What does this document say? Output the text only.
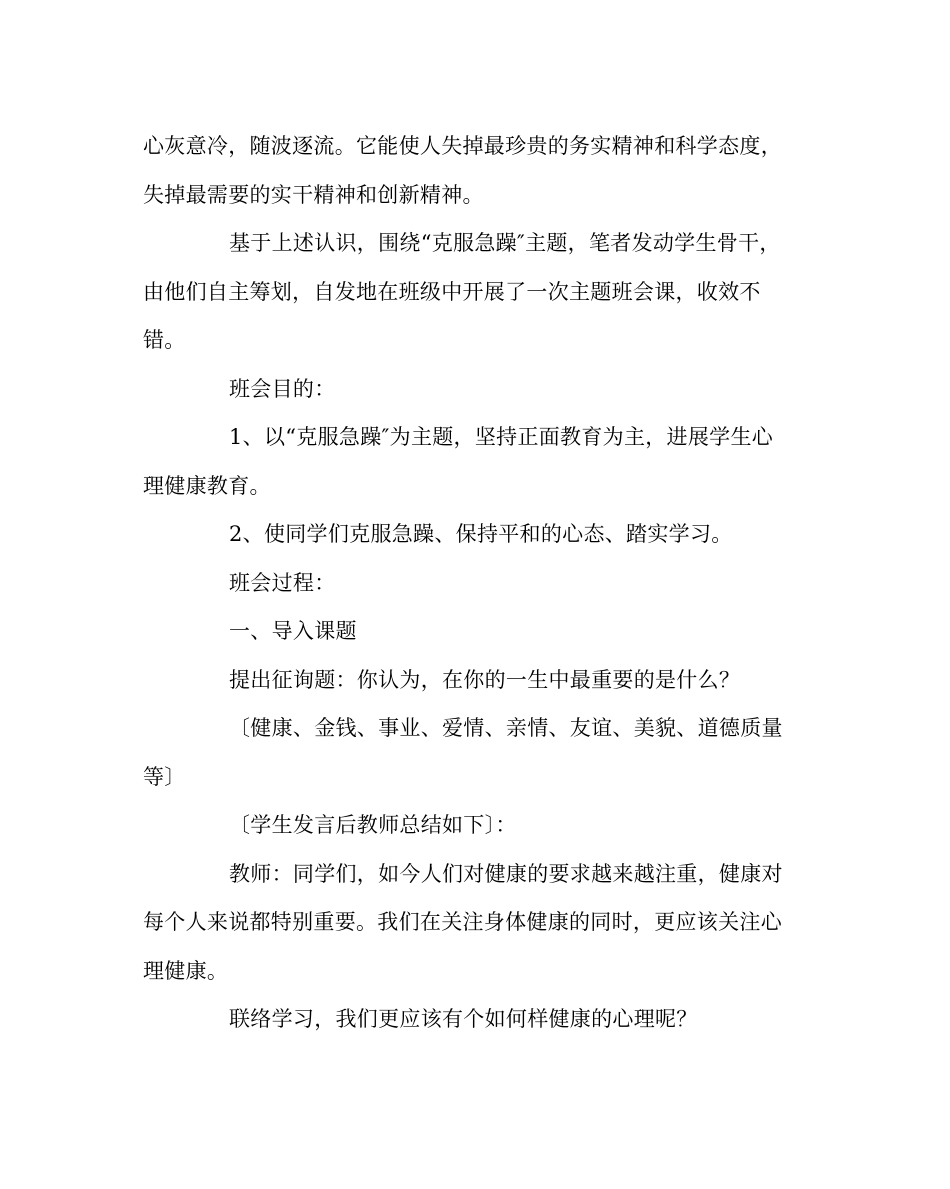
心灰意冷，随波逐流。它能使人失掉最珍贵的务实精神和科学态度，
失掉最需要的实干精神和创新精神。

基于上述认识，围绕“克服急躁″主题，笔者发动学生骨干，
由他们自主筹划，自发地在班级中开展了一次主题班会课，收效不
错。

班会目的：

1、以“克服急躁″为主题，坚持正面教育为主，进展学生心
理健康教育。

2、使同学们克服急躁、保持平和的心态、踏实学习。

班会过程：

一、导入课题

提出征询题：你认为，在你的一生中最重要的是什么？

〔健康、金钱、事业、爱情、亲情、友谊、美貌、道德质量
等〕

〔学生发言后教师总结如下〕：

教师：同学们，如今人们对健康的要求越来越注重，健康对
每个人来说都特别重要。我们在关注身体健康的同时，更应该关注心
理健康。

联络学习，我们更应该有个如何样健康的心理呢？
